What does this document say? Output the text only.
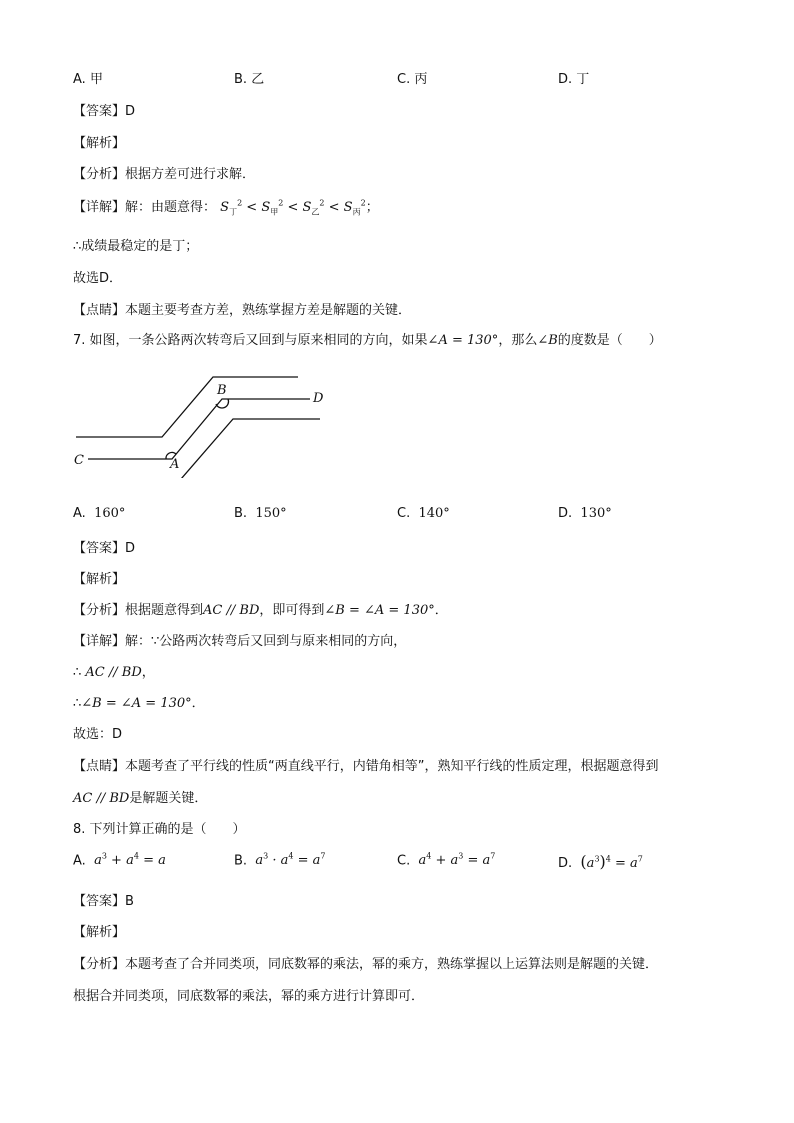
A. 甲	B. 乙	C. 丙	D. 丁
【答案】D
【解析】
【分析】根据方差可进行求解．
【详解】解：由题意得： $S_丁^2 < S_甲^2 < S_乙^2 < S_丙^2$；
∴成绩最稳定的是丁；
故选D．
【点睛】本题主要考查方差，熟练掌握方差是解题的关键．
7. 如图，一条公路两次转弯后又回到与原来相同的方向，如果∠A = 130°，那么∠B的度数是（　　）
C	A
B
D
A. 160°	B. 150°	C. 140°	D. 130°
【答案】D
【解析】
【分析】根据题意得到AC // BD，即可得到∠B = ∠A = 130°．
【详解】解：∵公路两次转弯后又回到与原来相同的方向，
∴ AC // BD，
∴∠B = ∠A = 130°．
故选：D
【点睛】本题考查了平行线的性质“两直线平行，内错角相等”，熟知平行线的性质定理，根据题意得到
AC // BD是解题关键．
8. 下列计算正确的是（　　）
A. $a^3 + a^4 = a$	B. $a^3 \cdot a^4 = a^7$	C. $a^4 + a^3 = a^7$	D. $(a^3)^4 = a^7$
【答案】B
【解析】
【分析】本题考查了合并同类项，同底数幂的乘法，幂的乘方，熟练掌握以上运算法则是解题的关键．
根据合并同类项，同底数幂的乘法，幂的乘方进行计算即可．
